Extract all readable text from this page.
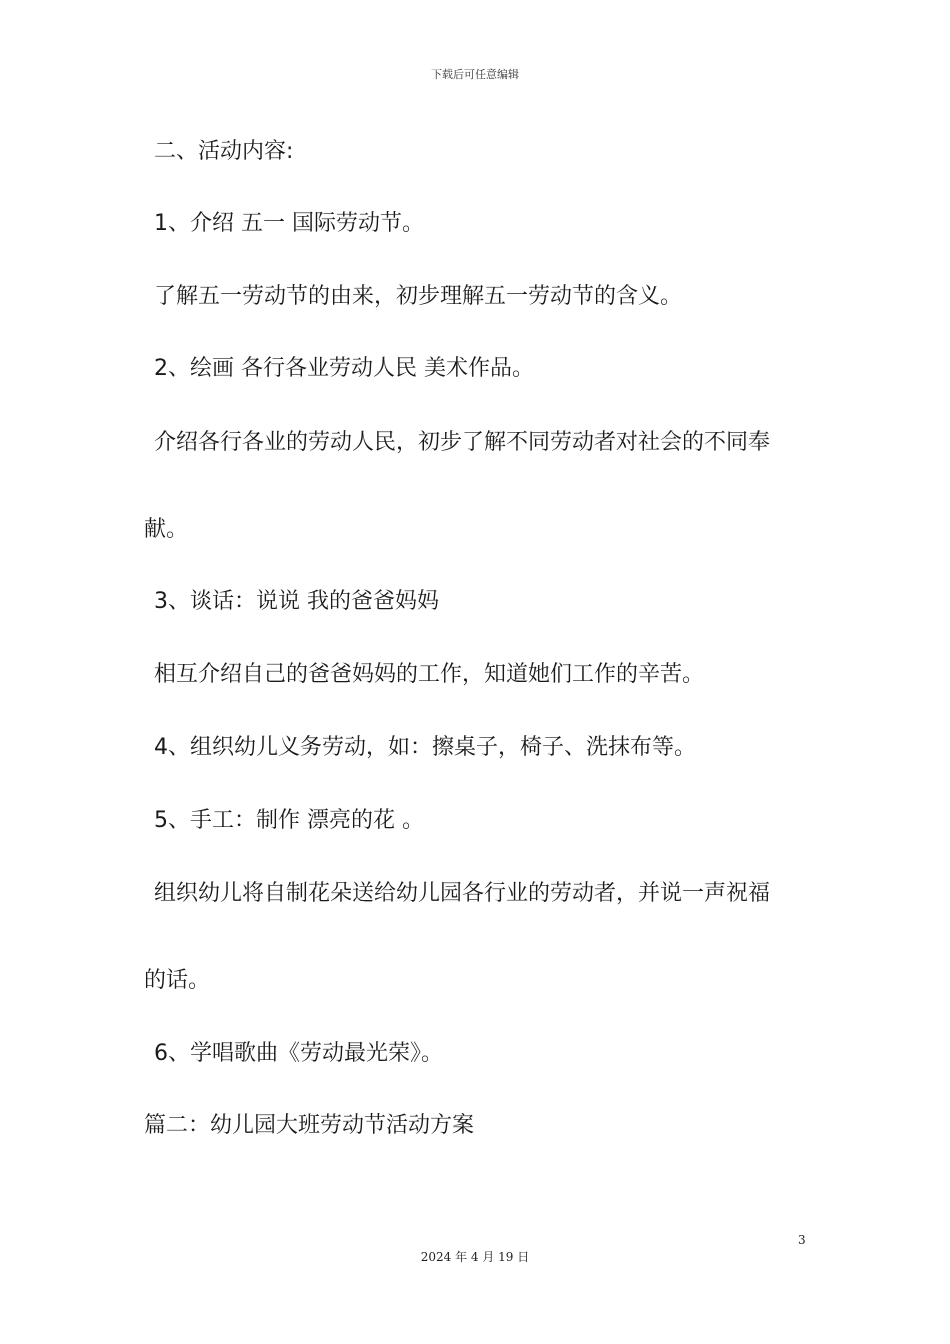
下载后可任意编辑
二、活动内容:
1、介绍 五一 国际劳动节。
了解五一劳动节的由来，初步理解五一劳动节的含义。
2、绘画 各行各业劳动人民 美术作品。
介绍各行各业的劳动人民，初步了解不同劳动者对社会的不同奉
献。
3、谈话：说说 我的爸爸妈妈
相互介绍自己的爸爸妈妈的工作，知道她们工作的辛苦。
4、组织幼儿义务劳动，如：擦桌子，椅子、洗抹布等。
5、手工：制作 漂亮的花 。
组织幼儿将自制花朵送给幼儿园各行业的劳动者，并说一声祝福
的话。
6、学唱歌曲《劳动最光荣》。
篇二：幼儿园大班劳动节活动方案
3
2024 年 4 月 19 日
